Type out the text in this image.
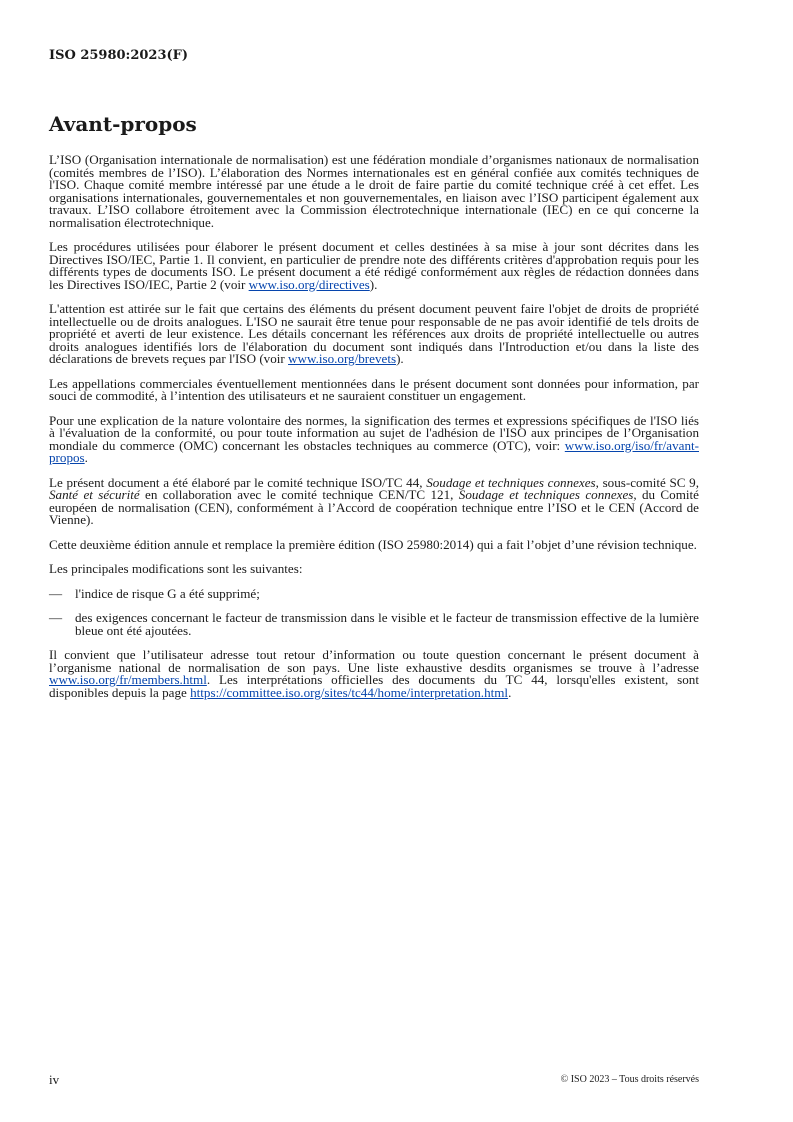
ISO 25980:2023(F)
Avant-propos

L’ISO (Organisation internationale de normalisation) est une fédération mondiale d’organismes nationaux de normalisation (comités membres de l’ISO). L’élaboration des Normes internationales est en général confiée aux comités techniques de l'ISO. Chaque comité membre intéressé par une étude a le droit de faire partie du comité technique créé à cet effet. Les organisations internationales, gouvernementales et non gouvernementales, en liaison avec l’ISO participent également aux travaux. L’ISO collabore étroitement avec la Commission électrotechnique internationale (IEC) en ce qui concerne la normalisation électrotechnique.

Les procédures utilisées pour élaborer le présent document et celles destinées à sa mise à jour sont décrites dans les Directives ISO/IEC, Partie 1. Il convient, en particulier de prendre note des différents critères d'approbation requis pour les différents types de documents ISO. Le présent document a été rédigé conformément aux règles de rédaction données dans les Directives ISO/IEC, Partie 2 (voir www.iso.org/directives).

L'attention est attirée sur le fait que certains des éléments du présent document peuvent faire l'objet de droits de propriété intellectuelle ou de droits analogues. L'ISO ne saurait être tenue pour responsable de ne pas avoir identifié de tels droits de propriété et averti de leur existence. Les détails concernant les références aux droits de propriété intellectuelle ou autres droits analogues identifiés lors de l'élaboration du document sont indiqués dans l'Introduction et/ou dans la liste des déclarations de brevets reçues par l'ISO (voir www.iso.org/brevets).

Les appellations commerciales éventuellement mentionnées dans le présent document sont données pour information, par souci de commodité, à l’intention des utilisateurs et ne sauraient constituer un engagement.

Pour une explication de la nature volontaire des normes, la signification des termes et expressions spécifiques de l'ISO liés à l'évaluation de la conformité, ou pour toute information au sujet de l'adhésion de l'ISO aux principes de l’Organisation mondiale du commerce (OMC) concernant les obstacles techniques au commerce (OTC), voir: www.iso.org/iso/fr/avant-propos.

Le présent document a été élaboré par le comité technique ISO/TC 44, Soudage et techniques connexes, sous-comité SC 9, Santé et sécurité en collaboration avec le comité technique CEN/TC 121, Soudage et techniques connexes, du Comité européen de normalisation (CEN), conformément à l’Accord de coopération technique entre l’ISO et le CEN (Accord de Vienne).

Cette deuxième édition annule et remplace la première édition (ISO 25980:2014) qui a fait l’objet d’une révision technique.

Les principales modifications sont les suivantes:

— l'indice de risque G a été supprimé;
— des exigences concernant le facteur de transmission dans le visible et le facteur de transmission effective de la lumière bleue ont été ajoutées.

Il convient que l’utilisateur adresse tout retour d’information ou toute question concernant le présent document à l’organisme national de normalisation de son pays. Une liste exhaustive desdits organismes se trouve à l’adresse www.iso.org/fr/members.html. Les interprétations officielles des documents du TC 44, lorsqu'elles existent, sont disponibles depuis la page https://committee.iso.org/sites/tc44/home/interpretation.html.

iv	© ISO 2023 – Tous droits réservés
